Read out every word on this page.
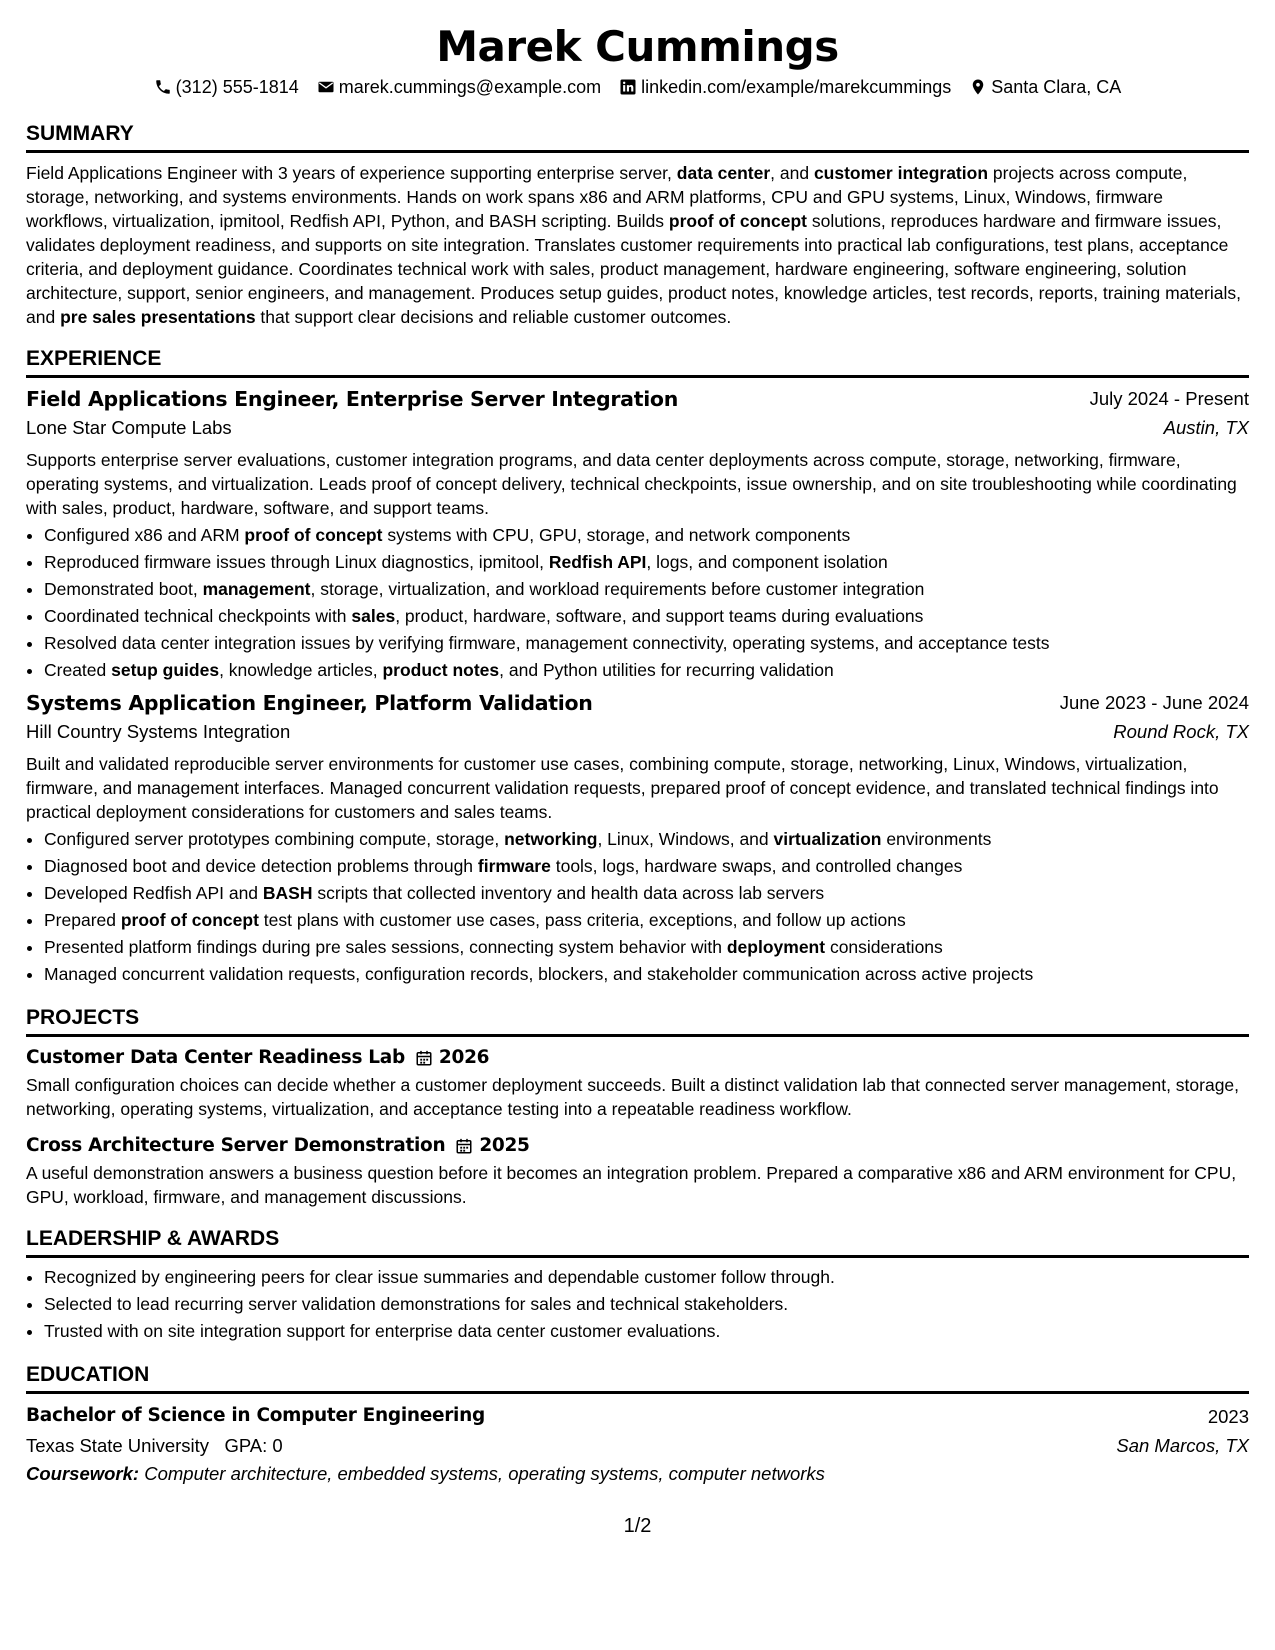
Marek Cummings
(312) 555-1814 marek.cummings@example.com linkedin.com/example/marekcummings Santa Clara, CA
SUMMARY
Field Applications Engineer with 3 years of experience supporting enterprise server, data center, and customer integration projects across compute, storage, networking, and systems environments. Hands on work spans x86 and ARM platforms, CPU and GPU systems, Linux, Windows, firmware workflows, virtualization, ipmitool, Redfish API, Python, and BASH scripting. Builds proof of concept solutions, reproduces hardware and firmware issues, validates deployment readiness, and supports on site integration. Translates customer requirements into practical lab configurations, test plans, acceptance criteria, and deployment guidance. Coordinates technical work with sales, product management, hardware engineering, software engineering, solution architecture, support, senior engineers, and management. Produces setup guides, product notes, knowledge articles, test records, reports, training materials, and pre sales presentations that support clear decisions and reliable customer outcomes.
EXPERIENCE
Field Applications Engineer, Enterprise Server Integration	July 2024 - Present
Lone Star Compute Labs	Austin, TX
Supports enterprise server evaluations, customer integration programs, and data center deployments across compute, storage, networking, firmware, operating systems, and virtualization. Leads proof of concept delivery, technical checkpoints, issue ownership, and on site troubleshooting while coordinating with sales, product, hardware, software, and support teams.
• Configured x86 and ARM proof of concept systems with CPU, GPU, storage, and network components
• Reproduced firmware issues through Linux diagnostics, ipmitool, Redfish API, logs, and component isolation
• Demonstrated boot, management, storage, virtualization, and workload requirements before customer integration
• Coordinated technical checkpoints with sales, product, hardware, software, and support teams during evaluations
• Resolved data center integration issues by verifying firmware, management connectivity, operating systems, and acceptance tests
• Created setup guides, knowledge articles, product notes, and Python utilities for recurring validation
Systems Application Engineer, Platform Validation	June 2023 - June 2024
Hill Country Systems Integration	Round Rock, TX
Built and validated reproducible server environments for customer use cases, combining compute, storage, networking, Linux, Windows, virtualization, firmware, and management interfaces. Managed concurrent validation requests, prepared proof of concept evidence, and translated technical findings into practical deployment considerations for customers and sales teams.
• Configured server prototypes combining compute, storage, networking, Linux, Windows, and virtualization environments
• Diagnosed boot and device detection problems through firmware tools, logs, hardware swaps, and controlled changes
• Developed Redfish API and BASH scripts that collected inventory and health data across lab servers
• Prepared proof of concept test plans with customer use cases, pass criteria, exceptions, and follow up actions
• Presented platform findings during pre sales sessions, connecting system behavior with deployment considerations
• Managed concurrent validation requests, configuration records, blockers, and stakeholder communication across active projects
PROJECTS
Customer Data Center Readiness Lab 2026
Small configuration choices can decide whether a customer deployment succeeds. Built a distinct validation lab that connected server management, storage, networking, operating systems, virtualization, and acceptance testing into a repeatable readiness workflow.
Cross Architecture Server Demonstration 2025
A useful demonstration answers a business question before it becomes an integration problem. Prepared a comparative x86 and ARM environment for CPU, GPU, workload, firmware, and management discussions.
LEADERSHIP & AWARDS
• Recognized by engineering peers for clear issue summaries and dependable customer follow through.
• Selected to lead recurring server validation demonstrations for sales and technical stakeholders.
• Trusted with on site integration support for enterprise data center customer evaluations.
EDUCATION
Bachelor of Science in Computer Engineering	2023
Texas State University GPA: 0	San Marcos, TX
Coursework: Computer architecture, embedded systems, operating systems, computer networks
1/2
